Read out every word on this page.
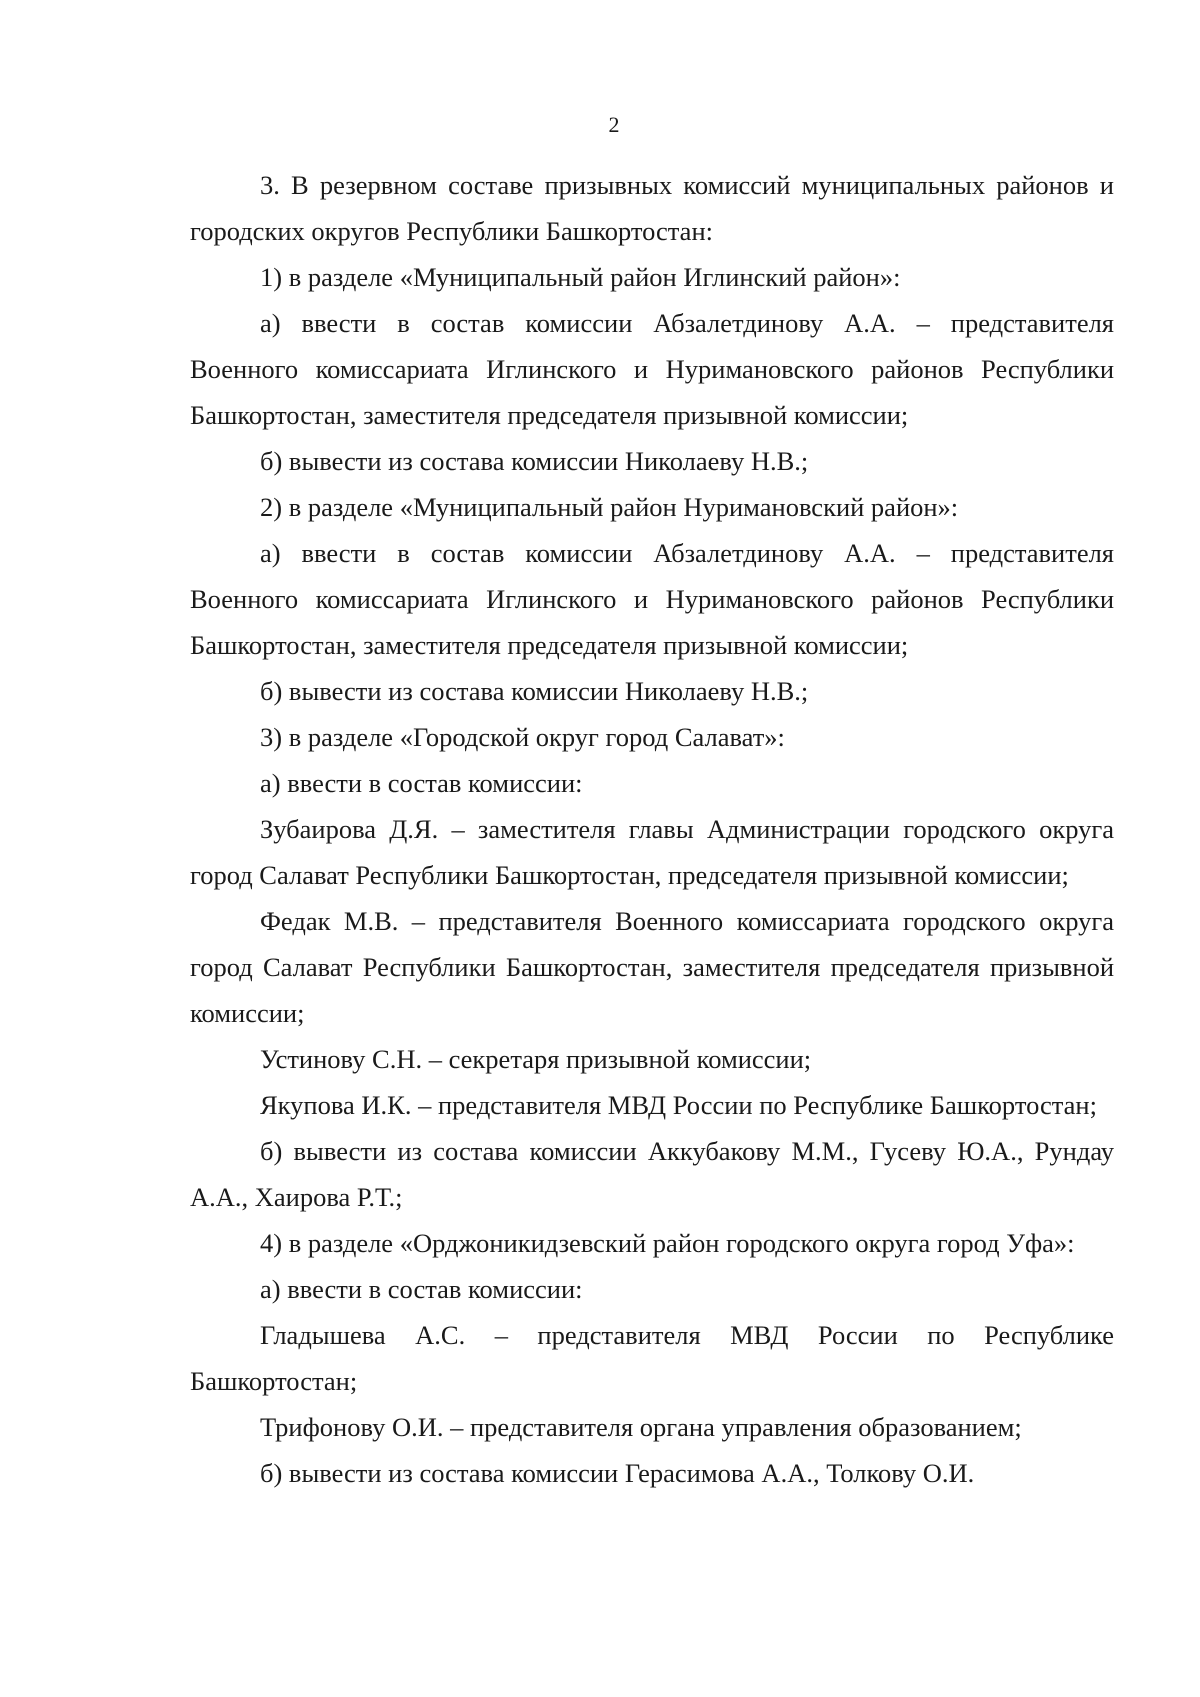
2

3. В резервном составе призывных комиссий муниципальных районов и городских округов Республики Башкортостан:

1) в разделе «Муниципальный район Иглинский район»:

а) ввести в состав комиссии Абзалетдинову А.А. – представителя Военного комиссариата Иглинского и Нуримановского районов Республики Башкортостан, заместителя председателя призывной комиссии;

б) вывести из состава комиссии Николаеву Н.В.;

2) в разделе «Муниципальный район Нуримановский район»:

а) ввести в состав комиссии Абзалетдинову А.А. – представителя Военного комиссариата Иглинского и Нуримановского районов Республики Башкортостан, заместителя председателя призывной комиссии;

б) вывести из состава комиссии Николаеву Н.В.;

3) в разделе «Городской округ город Салават»:

а) ввести в состав комиссии:

Зубаирова Д.Я. – заместителя главы Администрации городского округа город Салават Республики Башкортостан, председателя призывной комиссии;

Федак М.В. – представителя Военного комиссариата городского округа город Салават Республики Башкортостан, заместителя председателя призывной комиссии;

Устинову С.Н. – секретаря призывной комиссии;

Якупова И.К. – представителя МВД России по Республике Башкортостан;

б) вывести из состава комиссии Аккубакову М.М., Гусеву Ю.А., Рундау А.А., Хаирова Р.Т.;

4) в разделе «Орджоникидзевский район городского округа город Уфа»:

а) ввести в состав комиссии:

Гладышева А.С. – представителя МВД России по Республике Башкортостан;

Трифонову О.И. – представителя органа управления образованием;

б) вывести из состава комиссии Герасимова А.А., Толкову О.И.
